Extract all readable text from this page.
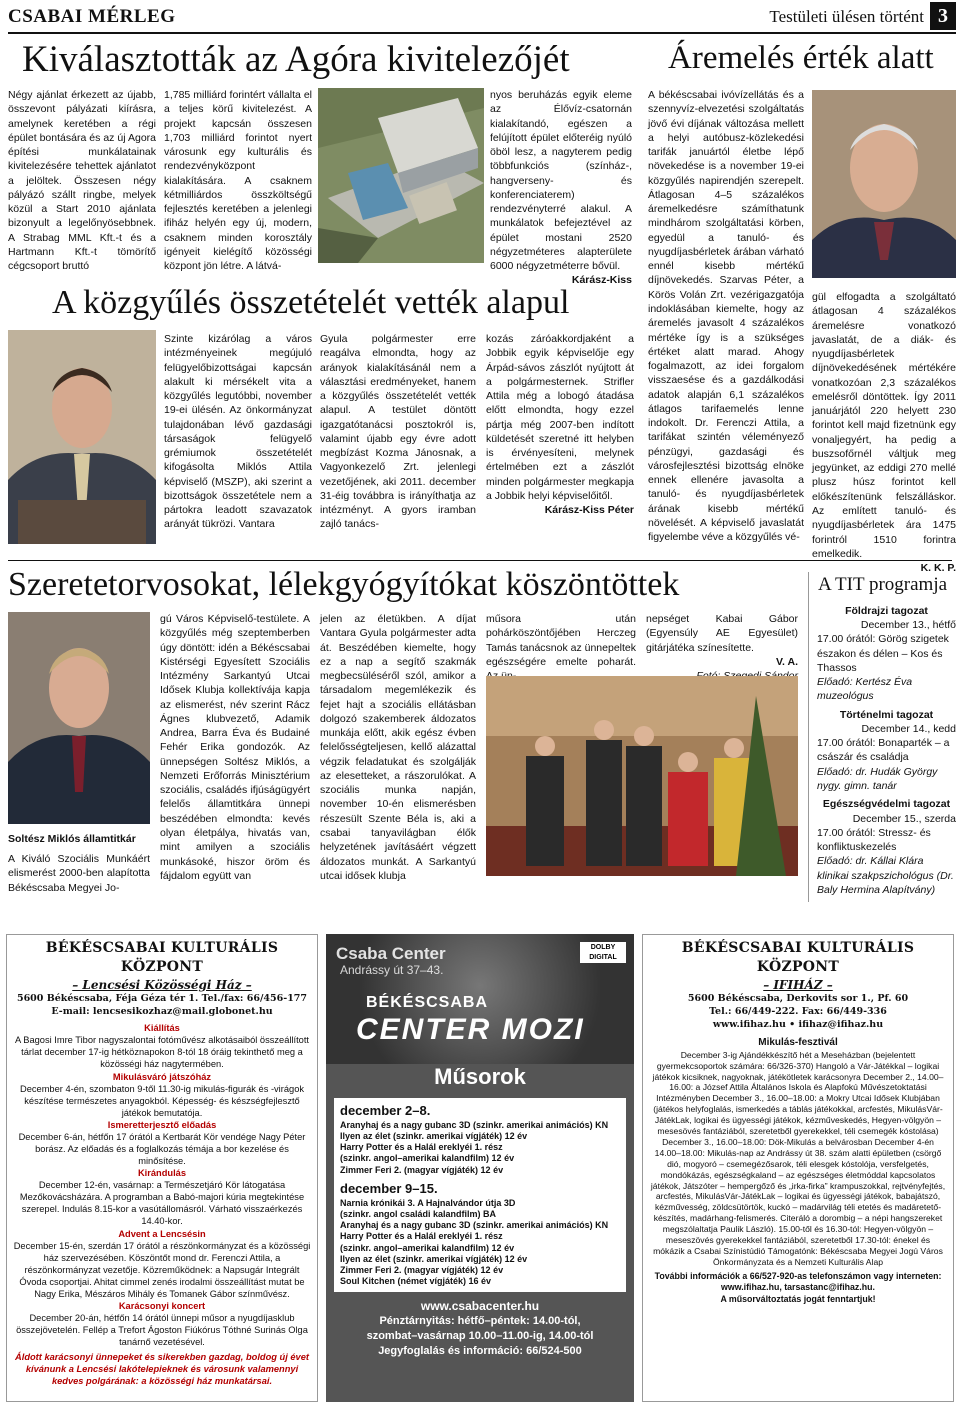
CSABAI MÉRLEG	Testületi ülésen történt 3
Kiválasztották az Agóra kivitelezőjét
Négy ajánlat érkezett az újabb, összevont pályázati kiírásra, amelynek keretében a régi épület bontására és az új Agora építési munkálatainak kivitelezésére tehettek ajánlatot a jelöltek. Összesen négy pályázó szállt ringbe, melyek közül a Start 2010 ajánlata bizonyult a legelőnyösebbnek. A Strabag MML Kft.-t és a Hartmann Kft.-t tömörítő cégcsoport bruttó
1,785 milliárd forintért vállalta el a teljes körű kivitelezést. A projekt kapcsán összesen 1,703 milliárd forintot nyert városunk egy kulturális és rendezvényközpont kialakítására. A csaknem kétmilliárdos összköltségű fejlesztés keretében a jelenlegi ifiház helyén egy új, modern, csaknem minden korosztály igényeit kielégítő közösségi központ jön létre. A látvá-
nyos beruházás egyik eleme az Élővíz-csatornán kialakítandó, egészen a felújított épület előteréig nyúló öböl lesz, a nagyterem pedig többfunkciós (színház-, hangverseny- és konferenciaterem) rendezvényterré alakul. A munkálatok befejeztével az épület mostani 2520 négyzetméteres alapterülete 6000 négyzetméterre bővül.
Kárász-Kiss
Áremelés érték alatt
A békéscsabai ivóvízellátás és a szennyvíz-elvezetési szolgáltatás jövő évi díjának változása mellett a helyi autóbusz-közlekedési tarifák januártól életbe lépő növekedése is a november 19-ei közgyűlés napirendjén szerepelt. Átlagosan 4–5 százalékos áremelkedésre számíthatunk mindhárom szolgáltatási körben, egyedül a tanuló- és nyugdíjasbérletek árában várható ennél kisebb mértékű díjnövekedés. Szarvas Péter, a Körös Volán Zrt. vezérigazgatója indoklásában kiemelte, hogy az áremelés javasolt 4 százalékos mértéke így is a szükséges értéket alatt marad. Ahogy fogalmazott, az idei forgalom visszaesése és a gazdálkodási adatok alapján 6,1 százalékos átlagos tarifaemelés lenne indokolt. Dr. Ferenczi Attila, a tarifákat szintén véleményező pénzügyi, gazdasági és városfejlesztési bizottság elnöke ennek ellenére javasolta a tanuló- és nyugdíjasbérletek árának kisebb mértékű növelését. A képviselő javaslatát figyelembe véve a közgyűlés vé-
gül elfogadta a szolgáltató átlagosan 4 százalékos áremelésre vonatkozó javaslatát, de a diák- és nyugdíjasbérletek díjnövekedésének mértékére vonatkozóan 2,3 százalékos emelésről döntöttek. Így 2011 januárjától 220 helyett 230 forintot kell majd fizetnünk egy vonaljegyért, ha pedig a buszsofőrnél váltjuk meg jegyünket, az eddigi 270 mellé plusz húsz forintot kell előkészítenünk felszálláskor. Az említett tanuló- és nyugdíjasbérletek ára 1475 forintról 1510 forintra emelkedik.
K. K. P.
A közgyűlés összetételét vették alapul
Szinte kizárólag a város intézményeinek megújuló felügyelőbizottságai kapcsán alakult ki mérsékelt vita a közgyűlés legutóbbi, november 19-ei ülésén. Az önkormányzat tulajdonában lévő gazdasági társaságok felügyelő grémiumok összetételét kifogásolta Miklós Attila képviselő (MSZP), aki szerint a bizottságok összetétele nem a pártokra leadott szavazatok arányát tükrözi. Vantara
Gyula polgármester erre reagálva elmondta, hogy az arányok kialakításánál nem a választási eredményeket, hanem a közgyűlés összetételét vették alapul. A testület döntött igazgatótanácsi posztokról is, valamint újabb egy évre adott megbízást Kozma Jánosnak, a Vagyonkezelő Zrt. jelenlegi vezetőjének, aki 2011. december 31-éig továbbra is irányíthatja az intézményt. A gyors iramban zajló tanács-
kozás záróakkordjaként a Jobbik egyik képviselője egy Árpád-sávos zászlót nyújtott át a polgármesternek. Strifler Attila még a lobogó átadása előtt elmondta, hogy ezzel pártja még 2007-ben indított küldetését szeretné itt helyben is érvényesíteni, melynek értelmében ezt a zászlót minden polgármester megkapja a Jobbik helyi képviselőitől.
Kárász-Kiss Péter
Szeretetorvosokat, lélekgyógyítókat köszöntöttek
Soltész Miklós államtitkár
A Kiváló Szociális Munkáért elismerést 2000-ben alapította Békéscsaba Megyei Jo-
gú Város Képviselő-testülete. A közgyűlés még szeptemberben úgy döntött: idén a Békéscsabai Kistérségi Egyesített Szociális Intézmény Sarkantyú Utcai Idősek Klubja kollektívája kapja az elismerést, név szerint Rácz Ágnes klubvezető, Adamik Andrea, Barra Éva és Budainé Fehér Erika gondozók. Az ünnepségen Soltész Miklós, a Nemzeti Erőforrás Minisztérium szociális, családés ifjúságügyért felelős államtitkára ünnepi beszédében elmondta: kevés olyan életpálya, hivatás van, mint amilyen a szociális munkásoké, hiszor öröm és fájdalom együtt van
jelen az életükben. A díjat Vantara Gyula polgármester adta át. Beszédében kiemelte, hogy ez a nap a segítő szakmák megbecsüléséről szól, amikor a társadalom megemlékezik és fejet hajt a szociális ellátásban dolgozó szakemberek áldozatos munkája előtt, akik egész évben felelősségteljesen, kellő alázattal végzik feladatukat és szolgálják az elesetteket, a rászorulókat. A szociális munka napján, november 10-én elismerésben részesült Szente Béla is, aki a csabai tanyavilágban élők helyzetének javításáért végzett áldozatos munkát. A Sarkantyú utcai idősek klubja
műsora után pohárköszöntőjében Herczeg Tamás tanácsnok az ünnepeltek egészségére emelte poharát.
nepséget Kabai Gábor (Egyensúly AE Egyesület) gitárjátéka színesítette.
V. A.
A TIT programja
Földrajzi tagozat
December 13., hétfő
17.00 órától: Görög szigetek északon és délen – Kos és Thassos
Előadó: Kertész Éva muzeológus
Történelmi tagozat
December 14., kedd
17.00 órától: Bonaparték – a császár és családja
Előadó: dr. Hudák György nygy. gimn. tanár
Egészségvédelmi tagozat
December 15., szerda
17.00 órától: Stressz- és konfliktuskezelés
Előadó: dr. Kállai Klára klinikai szakpszichológus (Dr. Baly Hermina Alapítvány)
BÉKÉSCSABAI KULTURÁLIS KÖZPONT
– Lencsési Közösségi Ház –
5600 Békéscsaba, Féja Géza tér 1. Tel./fax: 66/456-177
E-mail: lencsesikozhaz@mail.globonet.hu
Kiállítás
A Bagosi Imre Tibor nagyszalontai fotóművész alkotásaiból összeállított tárlat december 17-ig hétköznapokon 8-tól 18 óráig tekinthető meg a közösségi ház nagytermében.
Mikulásváró játszóház
December 4-én, szombaton 9-től 11.30-ig mikulás-figurák és -virágok készítése természetes anyagokból. Képesség- és készségfejlesztő játékok bemutatója.
Ismeretterjesztő előadás
December 6-án, hétfőn 17 órától a Kertbarát Kör vendége Nagy Péter borász. Az előadás és a foglalkozás témája a bor kezelése és minősítése.
Kirándulás
December 12-én, vasárnap: a Természetjáró Kör látogatása Mezőkovácsházára. A programban a Babó-majori kúria megtekintése szerepel. Indulás 8.15-kor a vasútállomásról. Várható visszaérkezés 14.40-kor.
Advent a Lencsésin
December 15-én, szerdán 17 órától a részönkormányzat és a közösségi ház szervezésében. Köszöntőt mond dr. Ferenczi Attila, a részönkormányzat vezetője. Közreműködnek: a Napsugár Integrált Óvoda csoportjai. Ahitat cimmel zenés irodalmi összeállítást mutat be Nagy Erika, Mészáros Mihály és Tomanek Gábor színművész.
Karácsonyi koncert
December 20-án, hétfőn 14 órától ünnepi műsor a nyugdíjasklub összejövetelén. Fellép a Trefort Ágoston Fiúkórus Tóthné Surinás Olga tanárnő vezetésével.
Áldott karácsonyi ünnepeket és sikerekben gazdag, boldog új évet kívánunk a Lencsési lakótelepieknek és városunk valamennyi kedves polgárának: a közösségi ház munkatársai.
Csaba Center
Andrássy út 37–43.
DOLBY DIGITAL
BÉKÉSCSABA
CENTER MOZI
Műsorok
december 2–8.
Aranyhaj és a nagy gubanc 3D (szinkr. amerikai animációs) KN
Ilyen az élet (szinkr. amerikai vígjáték) 12 év
Harry Potter és a Halál ereklyéi 1. rész
(szinkr. angol–amerikai kalandfilm) 12 év
Zimmer Feri 2. (magyar vígjáték) 12 év
december 9–15.
Narnia krónikái 3. A Hajnalvándor útja 3D
(szinkr. angol családi kalandfilm) BA
Aranyhaj és a nagy gubanc 3D (szinkr. amerikai animációs) KN
Harry Potter és a Halál ereklyéi 1. rész
(szinkr. angol–amerikai kalandfilm) 12 év
Ilyen az élet (szinkr. amerikai vígjáték) 12 év
Zimmer Feri 2. (magyar vígjáték) 12 év
Soul Kitchen (német vígjáték) 16 év
www.csabacenter.hu
Pénztárnyitás: hétfő–péntek: 14.00-tól,
szombat–vasárnap 10.00–11.00-ig, 14.00-tól
Jegyfoglalás és információ: 66/524-500
BÉKÉSCSABAI KULTURÁLIS KÖZPONT
– IFIHÁZ –
5600 Békéscsaba, Derkovits sor 1., Pf. 60
Tel.: 66/449-222. Fax: 66/449-336
www.ifihaz.hu • ifihaz@ifihaz.hu
Mikulás-fesztivál
December 3-ig Ajándékkészítő hét a Meseházban (bejelentett gyermekcsoportok számára: 66/326-370) Hangoló a Vár-Játékkal – logikai játékok kicsiknek, nagyoknak, játékötletek karácsonyra December 2., 14.00–16.00: a József Attila Általános Iskola és Alapfokú Művészetoktatási Intézményben December 3., 16.00–18.00: a Mokry Utcai Idősek Klubjában (játékos helyfoglalás, ismerkedés a táblás játékokkal, arcfestés, MikulásVár-JátékLak, logikai és ügyességi játékok, kézműveskedés, Hegyen-völgyön – mesesövés fantáziából, szeretetből gyerekekkel, téli csemegék kóstolása) December 3., 16.00–18.00: Dök-Mikulás a belvárosban December 4-én 14.00–18.00: Mikulás-nap az Andrássy út 38. szám alatti épületben (csörgő dió, mogyoró – csemegézősarok, téli elesgek kóstolója, versfelgetés, mondókázás, egészségkaland – az egészséges életmóddal kapcsolatos játékok, Játszóter – hempergőző és „irka-firka” krampuszokkal, rejtvényfejtés, arcfestés, MikulásVár-JátékLak – logikai és ügyességi játékok, babajátszó, kézművesség, zöldcsütörtök, kuckó – madárvilág téli etetés és madáretető-készítés, madárhang-felismerés. Citeráló a dorombig – a népi hangszereket megszólaltatja Paulik László). 15.00-től és 16.30-tól: Hegyen-völgyön – meseszövés gyerekekkel fantáziából, szeretetből 17.30-tól: énekel és mókázik a Csabai Színistúdió Támogatónk: Békéscsaba Megyei Jogú Város Önkormányzata és a Nemzeti Kulturális Alap
További információk a 66/527-920-as telefonszámon vagy interneten: www.ifihaz.hu, tarsastanc@ifihaz.hu.
A műsorváltoztatás jogát fenntartjuk!
